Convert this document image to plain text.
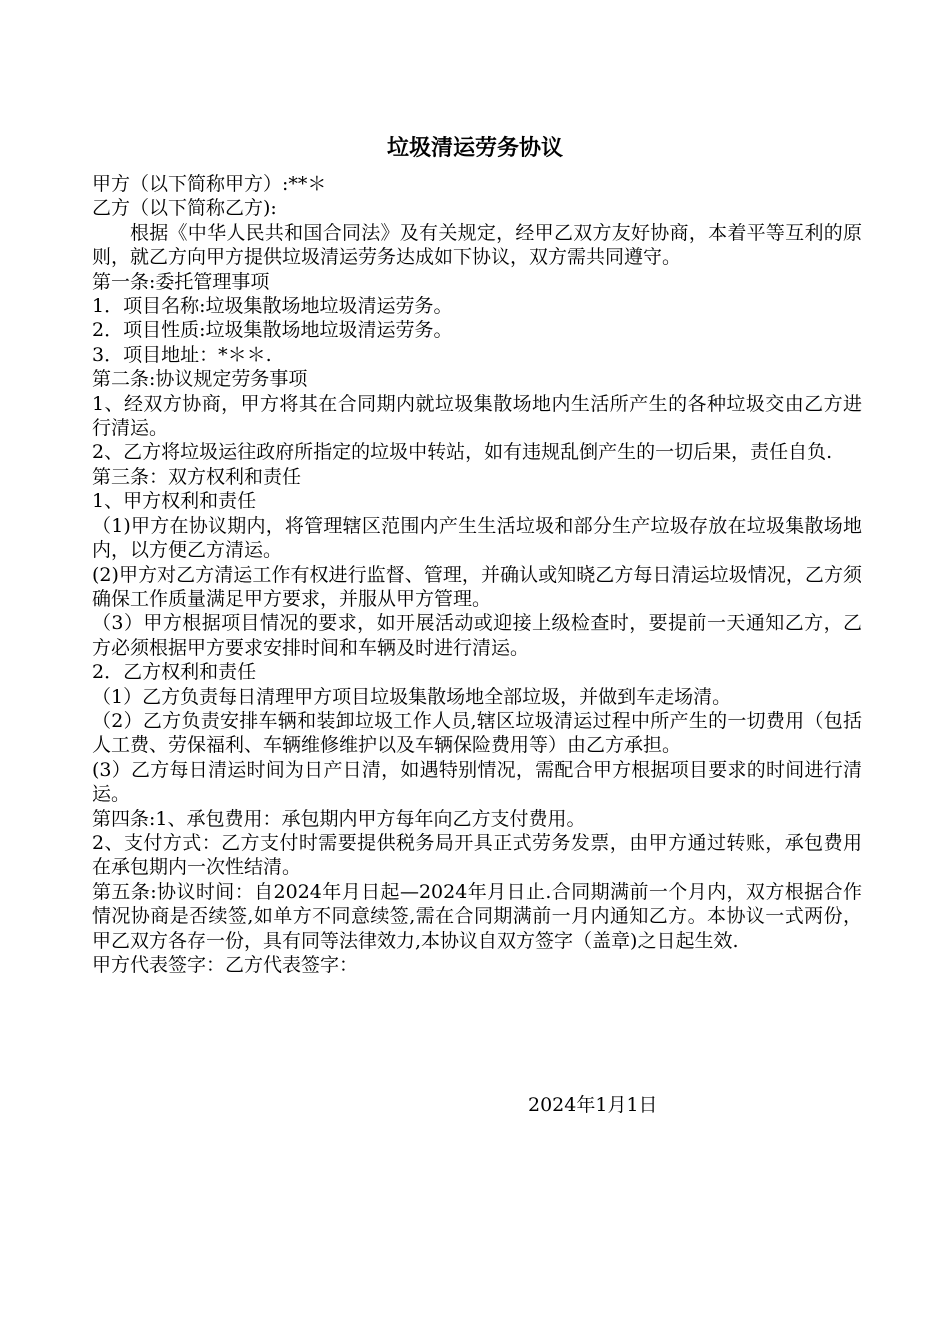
垃圾清运劳务协议

甲方（以下简称甲方）:**＊

乙方（以下简称乙方):

根据《中华人民共和国合同法》及有关规定，经甲乙双方友好协商，本着平等互利的原则，就乙方向甲方提供垃圾清运劳务达成如下协议，双方需共同遵守。

第一条:委托管理事项

1．项目名称:垃圾集散场地垃圾清运劳务。

2．项目性质:垃圾集散场地垃圾清运劳务。

3．项目地址：*＊＊.

第二条:协议规定劳务事项

1、经双方协商，甲方将其在合同期内就垃圾集散场地内生活所产生的各种垃圾交由乙方进行清运。

2、乙方将垃圾运往政府所指定的垃圾中转站，如有违规乱倒产生的一切后果，责任自负.

第三条：双方权利和责任

1、甲方权利和责任

（1)甲方在协议期内，将管理辖区范围内产生生活垃圾和部分生产垃圾存放在垃圾集散场地内，以方便乙方清运。

(2)甲方对乙方清运工作有权进行监督、管理，并确认或知晓乙方每日清运垃圾情况，乙方须确保工作质量满足甲方要求，并服从甲方管理。

（3）甲方根据项目情况的要求，如开展活动或迎接上级检查时，要提前一天通知乙方，乙方必须根据甲方要求安排时间和车辆及时进行清运。

2．乙方权利和责任

（1）乙方负责每日清理甲方项目垃圾集散场地全部垃圾，并做到车走场清。

（2）乙方负责安排车辆和装卸垃圾工作人员,辖区垃圾清运过程中所产生的一切费用（包括人工费、劳保福利、车辆维修维护以及车辆保险费用等）由乙方承担。

(3）乙方每日清运时间为日产日清，如遇特别情况，需配合甲方根据项目要求的时间进行清运。

第四条:1、承包费用：承包期内甲方每年向乙方支付费用。

2、支付方式：乙方支付时需要提供税务局开具正式劳务发票，由甲方通过转账，承包费用在承包期内一次性结清。

第五条:协议时间：自2024年月日起—2024年月日止.合同期满前一个月内，双方根据合作情况协商是否续签,如单方不同意续签,需在合同期满前一月内通知乙方。本协议一式两份，甲乙双方各存一份，具有同等法律效力,本协议自双方签字（盖章)之日起生效.

甲方代表签字：乙方代表签字：

2024年1月1日
